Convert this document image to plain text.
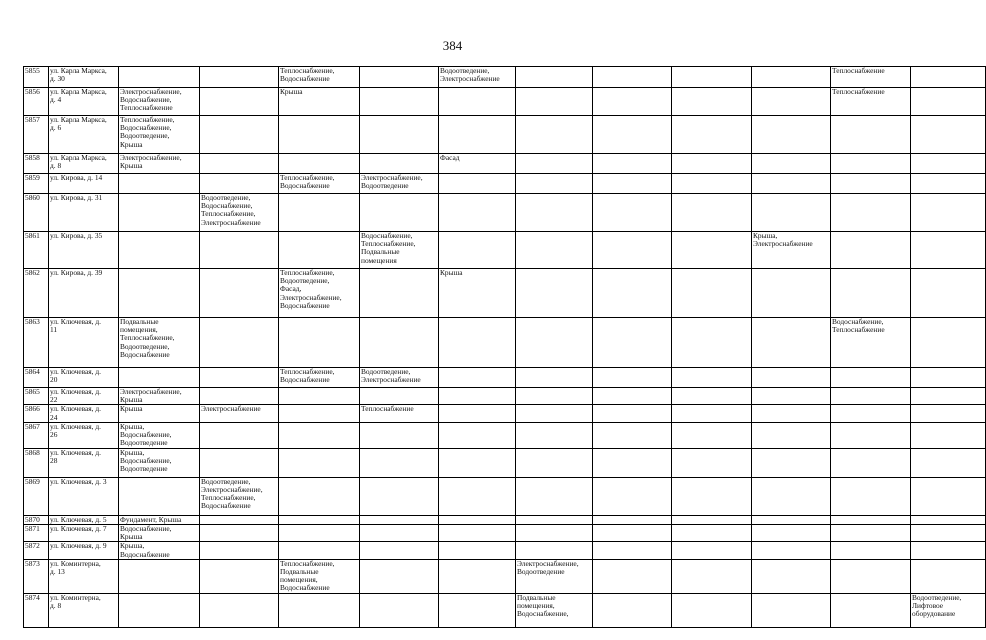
384
5855	ул. Карла Маркса,
д. 30			Теплоснабжение,
Водоснабжение		Водоотведение,
Электроснабжение					Теплоснабжение	

5856	ул. Карла Маркса,
д. 4	Электроснабжение,
Водоснабжение,
Теплоснабжение		Крыша							Теплоснабжение	

5857	ул. Карла Маркса,
д. 6	Теплоснабжение,
Водоснабжение,
Водоотведение,
Крыша										

5858	ул. Карла Маркса,
д. 8	Электроснабжение,
Крыша				Фасад						

5859	ул. Кирова, д. 14			Теплоснабжение,
Водоснабжение	Электроснабжение,
Водоотведение							

5860	ул. Кирова, д. 31		Водоотведение,
Водоснабжение,
Теплоснабжение,
Электроснабжение									

5861	ул. Кирова, д. 35				Водоснабжение,
Теплоснабжение,
Подвальные
помещения					Крыша,
Электроснабжение		

5862	ул. Кирова, д. 39			Теплоснабжение,
Водоотведение,
Фасад,
Электроснабжение,
Водоснабжение		Крыша						

5863	ул. Ключевая, д.
11	Подвальные
помещения,
Теплоснабжение,
Водоотведение,
Водоснабжение									Водоснабжение,
Теплоснабжение	

5864	ул. Ключевая, д.
20			Теплоснабжение,
Водоснабжение	Водоотведение,
Электроснабжение							

5865	ул. Ключевая, д.
22	Электроснабжение,
Крыша										

5866	ул. Ключевая, д.
24	Крыша	Электроснабжение		Теплоснабжение							

5867	ул. Ключевая, д.
26	Крыша,
Водоснабжение,
Водоотведение										

5868	ул. Ключевая, д.
28	Крыша,
Водоснабжение,
Водоотведение										

5869	ул. Ключевая, д. 3		Водоотведение,
Электроснабжение,
Теплоснабжение,
Водоснабжение									

5870	ул. Ключевая, д. 5	Фундамент, Крыша										

5871	ул. Ключевая, д. 7	Водоснабжение,
Крыша										

5872	ул. Ключевая, д. 9	Крыша,
Водоснабжение										

5873	ул. Коминтерна,
д. 13			Теплоснабжение,
Подвальные
помещения,
Водоснабжение			Электроснабжение,
Водоотведение					

5874	ул. Коминтерна,
д. 8						Подвальные
помещения,
Водоснабжение,					Водоотведение,
Лифтовое
оборудование
